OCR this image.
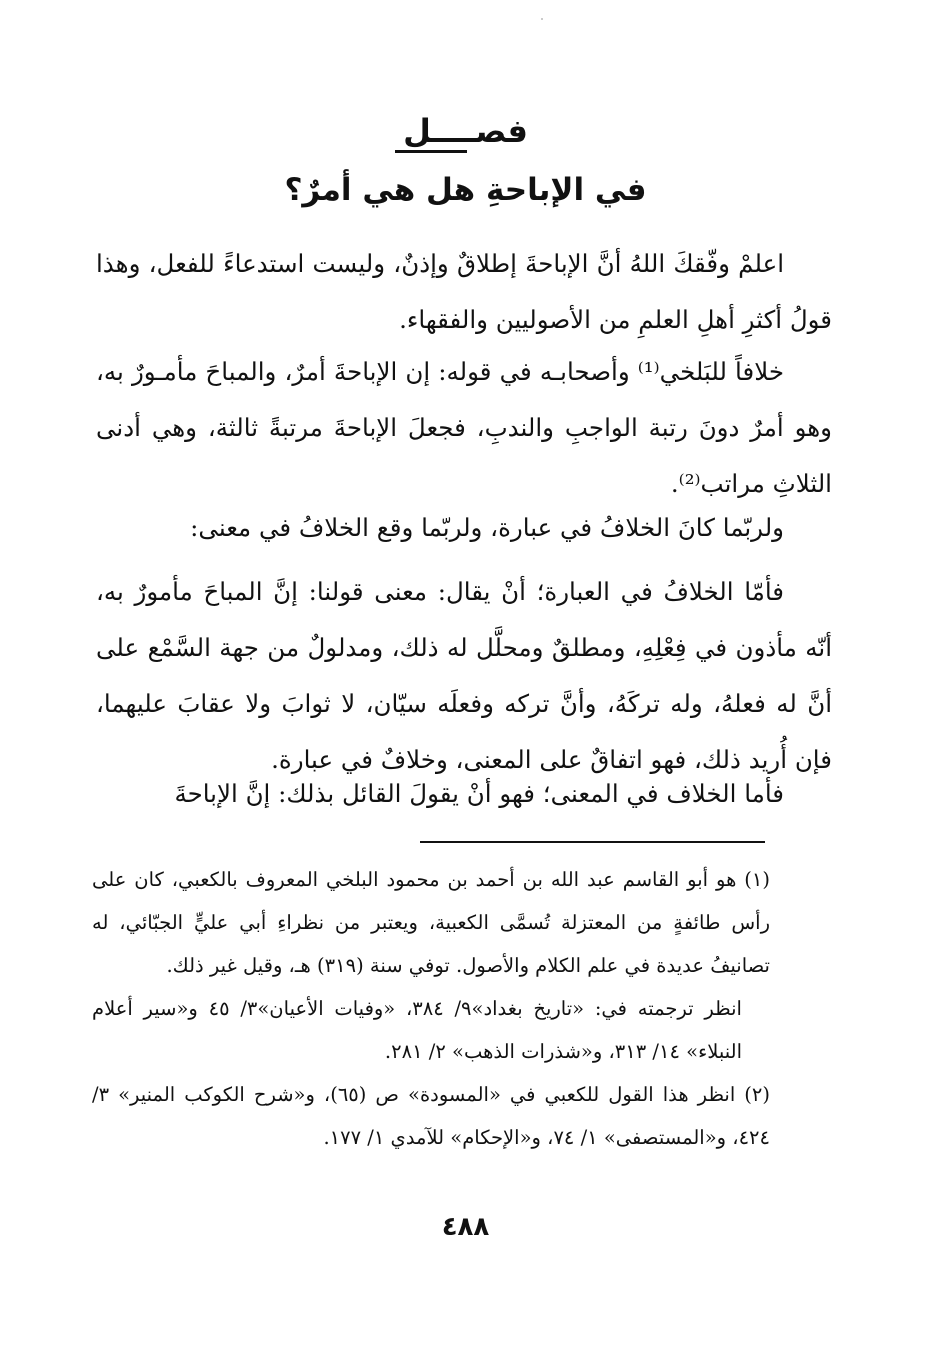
فصــــل
في الإباحةِ هل هي أمرٌ؟

اعلمْ وفّقكَ اللهُ أنَّ الإباحةَ إطلاقٌ وإذنٌ، وليست استدعاءً للفعل، وهذا قولُ أكثرِ أهلِ العلمِ من الأصوليين والفقهاء.

خلافاً للبَلخي⁽¹⁾ وأصحابـه في قوله: إن الإباحةَ أمرٌ، والمباحَ مأمـورٌ به، وهو أمرٌ دونَ رتبة الواجبِ والندبِ، فجعلَ الإباحةَ مرتبةً ثالثة، وهي أدنى الثلاثِ مراتب⁽²⁾.

ولربّما كانَ الخلافُ في عبارة، ولربّما وقع الخلافُ في معنى:

فأمّا الخلافُ في العبارة؛ أنْ يقال: معنى قولنا: إنَّ المباحَ مأمورٌ به، أنّه مأذون في فِعْلِهِ، ومطلقٌ ومحلَّل له ذلك، ومدلولٌ من جهة السَّمْع على أنَّ له فعلهُ، وله تركَهُ، وأنَّ تركه وفعلَه سيّان، لا ثوابَ ولا عقابَ عليهما، فإن أُريد ذلك، فهو اتفاقٌ على المعنى، وخلافٌ في عبارة.

فأما الخلاف في المعنى؛ فهو أنْ يقولَ القائل بذلك: إنَّ الإباحةَ

(١) هو أبو القاسم عبد الله بن أحمد بن محمود البلخي المعروف بالكعبي، كان على رأس طائفةٍ من المعتزلة تُسمَّى الكعبية، ويعتبر من نظراءِ أبي عليٍّ الجبّائي، له تصانيفُ عديدة في علم الكلام والأصول. توفي سنة (٣١٩) هـ، وقيل غير ذلك.

انظر ترجمته في: «تاريخ بغداد»٩/ ٣٨٤، «وفيات الأعيان»٣/ ٤٥ و«سير أعلام النبلاء» ١٤/ ٣١٣، و«شذرات الذهب» ٢/ ٢٨١.

(٢) انظر هذا القول للكعبي في «المسودة» ص (٦٥)، و«شرح الكوكب المنير» ٣/ ٤٢٤، و«المستصفى» ١/ ٧٤، و«الإحكام» للآمدي ١/ ١٧٧.

٤٨٨
